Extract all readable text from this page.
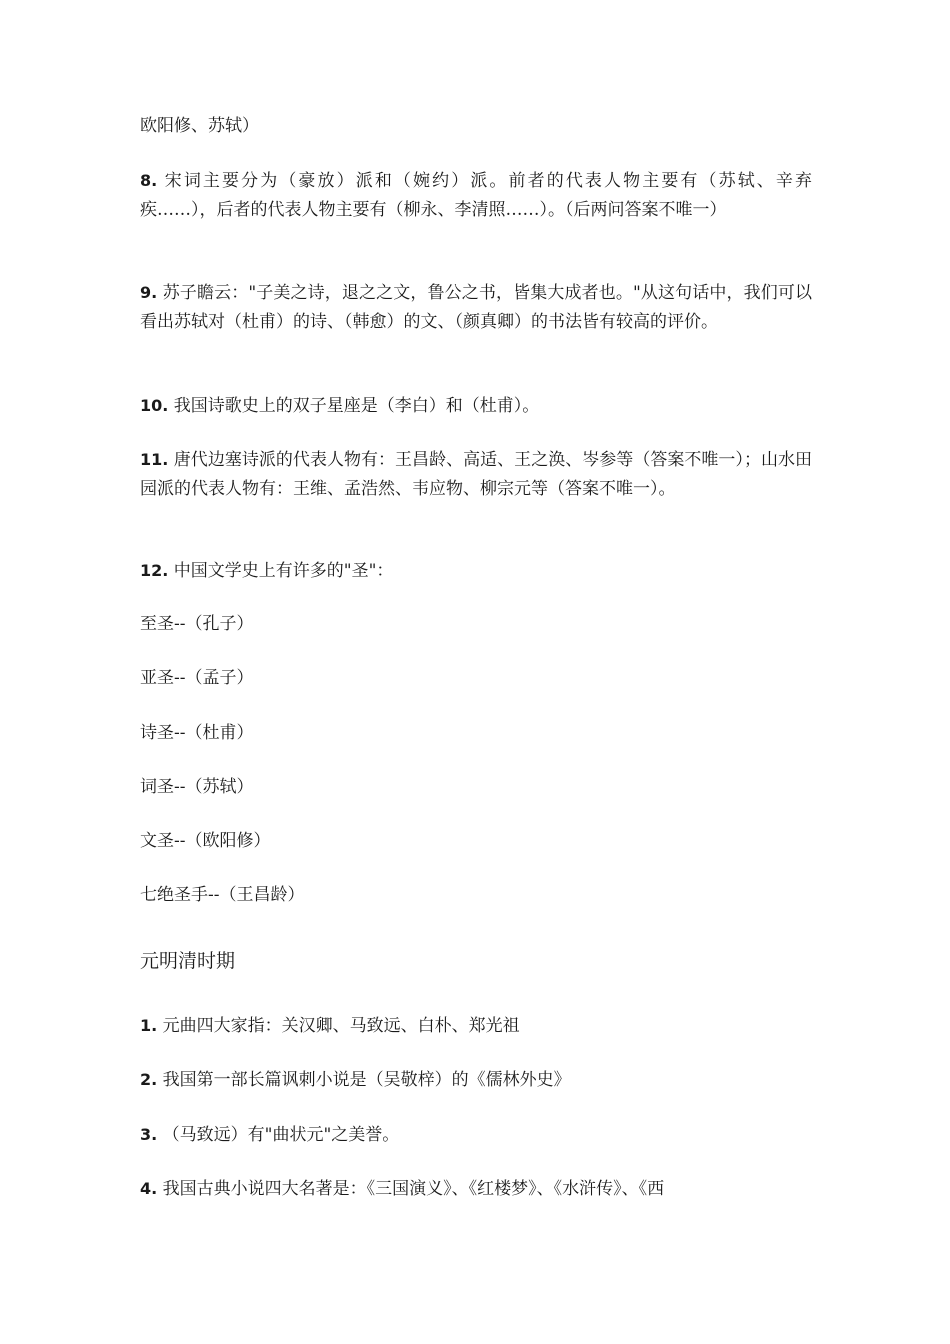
欧阳修、苏轼）

8. 宋词主要分为（豪放）派和（婉约）派。前者的代表人物主要有（苏轼、辛弃疾……），后者的代表人物主要有（柳永、李清照……）。（后两问答案不唯一）

9. 苏子瞻云："子美之诗，退之之文，鲁公之书，皆集大成者也。"从这句话中，我们可以看出苏轼对（杜甫）的诗、（韩愈）的文、（颜真卿）的书法皆有较高的评价。

10. 我国诗歌史上的双子星座是（李白）和（杜甫）。

11. 唐代边塞诗派的代表人物有：王昌龄、高适、王之涣、岑参等（答案不唯一）；山水田园派的代表人物有：王维、孟浩然、韦应物、柳宗元等（答案不唯一）。

12. 中国文学史上有许多的"圣"：

至圣--（孔子）

亚圣--（孟子）

诗圣--（杜甫）

词圣--（苏轼）

文圣--（欧阳修）

七绝圣手--（王昌龄）

元明清时期

1. 元曲四大家指：关汉卿、马致远、白朴、郑光祖

2. 我国第一部长篇讽刺小说是（吴敬梓）的《儒林外史》

3. （马致远）有"曲状元"之美誉。

4. 我国古典小说四大名著是：《三国演义》、《红楼梦》、《水浒传》、《西
